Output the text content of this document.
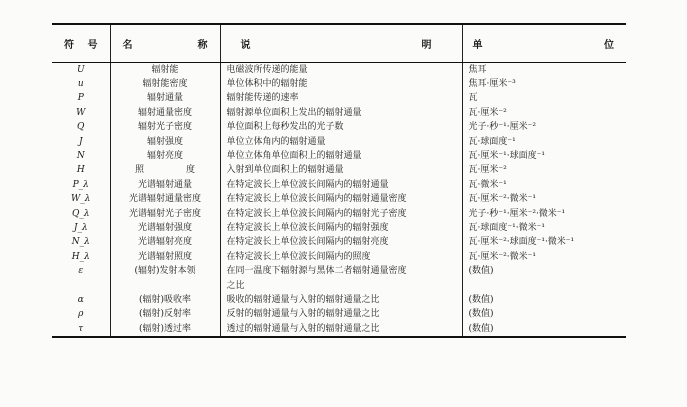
符 号	名 称	说 明	单 位

U	辐射能	电磁波所传递的能量	焦耳
u	辐射能密度	单位体积中的辐射能	焦耳·厘米⁻³
P	辐射通量	辐射能传递的速率	瓦
W	辐射通量密度	辐射源单位面积上发出的辐射通量	瓦·厘米⁻²
Q	辐射光子密度	单位面积上每秒发出的光子数	光子·秒⁻¹·厘米⁻²
J	辐射强度	单位立体角内的辐射通量	瓦·球面度⁻¹
N	辐射亮度	单位立体角单位面积上的辐射通量	瓦·厘米⁻¹·球面度⁻¹
H	照 度	入射到单位面积上的辐射通量	瓦·厘米⁻²
P_λ	光谱辐射通量	在特定波长上单位波长间隔内的辐射通量	瓦·微米⁻¹
W_λ	光谱辐射通量密度	在特定波长上单位波长间隔内的辐射通量密度	瓦·厘米⁻²·微米⁻¹
Q_λ	光谱辐射光子密度	在特定波长上单位波长间隔内的辐射光子密度	光子·秒⁻¹·厘米⁻²·微米⁻¹
J_λ	光谱辐射强度	在特定波长上单位波长间隔内的辐射强度	瓦·球面度⁻¹·微米⁻¹
N_λ	光谱辐射亮度	在特定波长上单位波长间隔内的辐射亮度	瓦·厘米⁻²·球面度⁻¹·微米⁻¹
H_λ	光谱辐射照度	在特定波长上单位波长间隔内的照度	瓦·厘米⁻²·微米⁻¹
ε	(辐射)发射本领	在同一温度下辐射源与黑体二者辐射通量密度	(数值)
		之比	
α	(辐射)吸收率	吸收的辐射通量与入射的辐射通量之比	(数值)
ρ	(辐射)反射率	反射的辐射通量与入射的辐射通量之比	(数值)
τ	(辐射)透过率	透过的辐射通量与入射的辐射通量之比	(数值)
